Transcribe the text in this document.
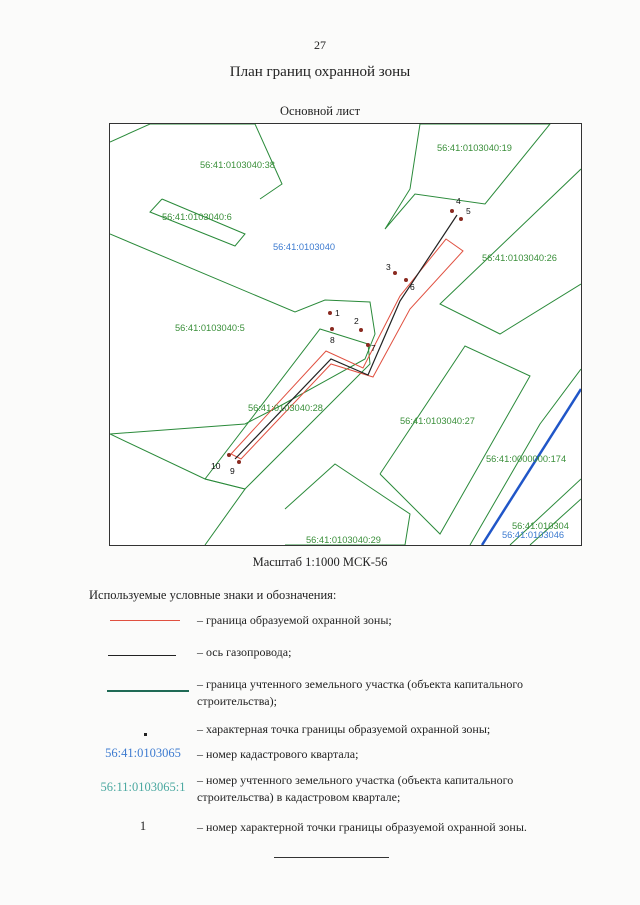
27
План границ охранной зоны
Основной лист
1
2
3
4
5
6
7
8
9
10
56:41:0103040
56:41:0103040:38
56:41:0103040:19
56:41:0103040:6
56:41:0103040:26
56:41:0103040:5
56:41:0103040:28
56:41:0103040:27
56:41:0000000:174
56:41:0103040:29
56:41:010304
56:41:0103046
Масштаб 1:1000 МСК-56
Используемые условные знаки и обозначения:
– граница образуемой охранной зоны;
– ось газопровода;
– граница учтенного земельного участка (объекта капитального строительства);
– характерная точка границы образуемой охранной зоны;
56:41:0103065	– номер кадастрового квартала;
56:11:0103065:1 – номер учтенного земельного участка (объекта капитального строительства) в кадастровом квартале;
1	– номер характерной точки границы образуемой охранной зоны.
